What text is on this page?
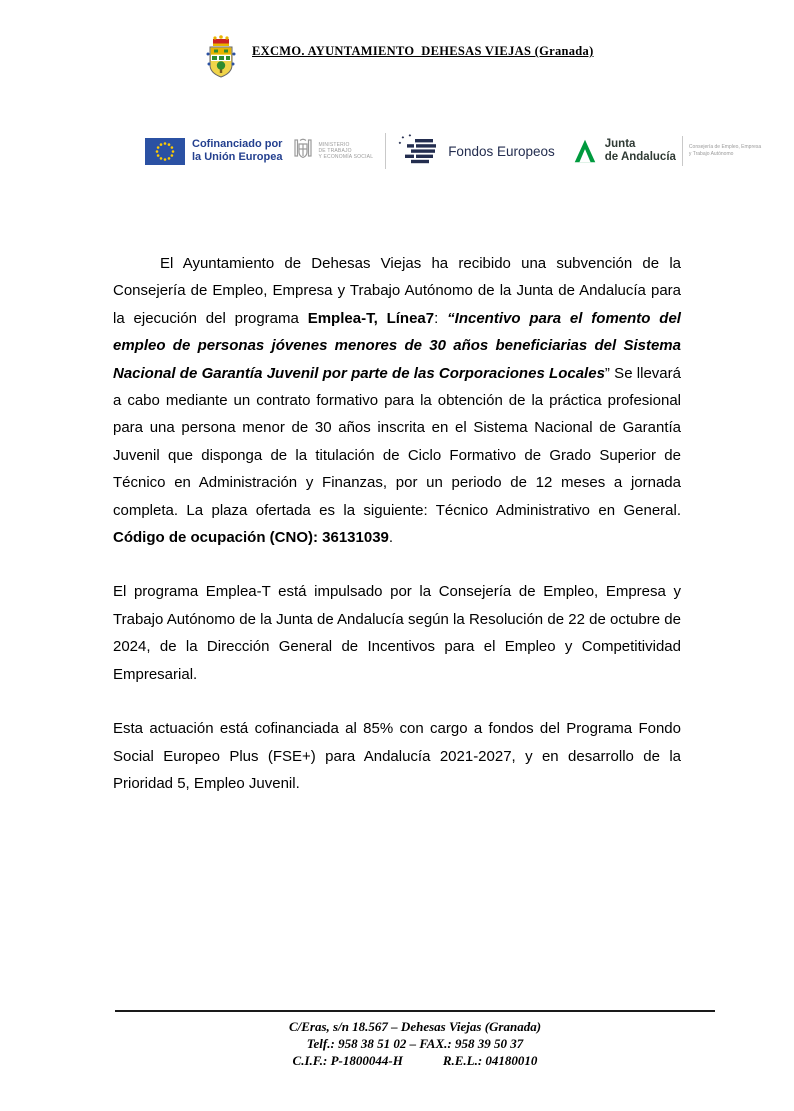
EXCMO. AYUNTAMIENTO  DEHESAS VIEJAS (Granada)
Cofinanciado por
la Unión Europea
MINISTERIO
DE TRABAJO
Y ECONOMÍA SOCIAL	Fondos Europeos	Junta
de Andalucía
Consejería de Empleo, Empresa
y Trabajo Autónomo

El Ayuntamiento de Dehesas Viejas ha recibido una subvención de la Consejería de Empleo, Empresa y Trabajo Autónomo de la Junta de Andalucía para la ejecución del programa Emplea-T, Línea7: “Incentivo para el fomento del empleo de personas jóvenes menores de 30 años beneficiarias del Sistema Nacional de Garantía Juvenil por parte de las Corporaciones Locales” Se llevará a cabo mediante un contrato formativo para la obtención de la práctica profesional para una persona menor de 30 años inscrita en el Sistema Nacional de Garantía Juvenil que disponga de la titulación de Ciclo Formativo de Grado Superior de Técnico en Administración y Finanzas, por un periodo de 12 meses a jornada completa. La plaza ofertada es la siguiente: Técnico Administrativo en General. Código de ocupación (CNO): 36131039.

El programa Emplea-T está impulsado por la Consejería de Empleo, Empresa y Trabajo Autónomo de la Junta de Andalucía según la Resolución de 22 de octubre de 2024, de la Dirección General de Incentivos para el Empleo y Competitividad Empresarial.

Esta actuación está cofinanciada al 85% con cargo a fondos del Programa Fondo Social Europeo Plus (FSE+) para Andalucía 2021-2027, y en desarrollo de la Prioridad 5, Empleo Juvenil.

C/Eras, s/n 18.567 – Dehesas Viejas (Granada)
Telf.: 958 38 51 02 – FAX.: 958 39 50 37
C.I.F.: P-1800044-H	R.E.L.: 04180010
